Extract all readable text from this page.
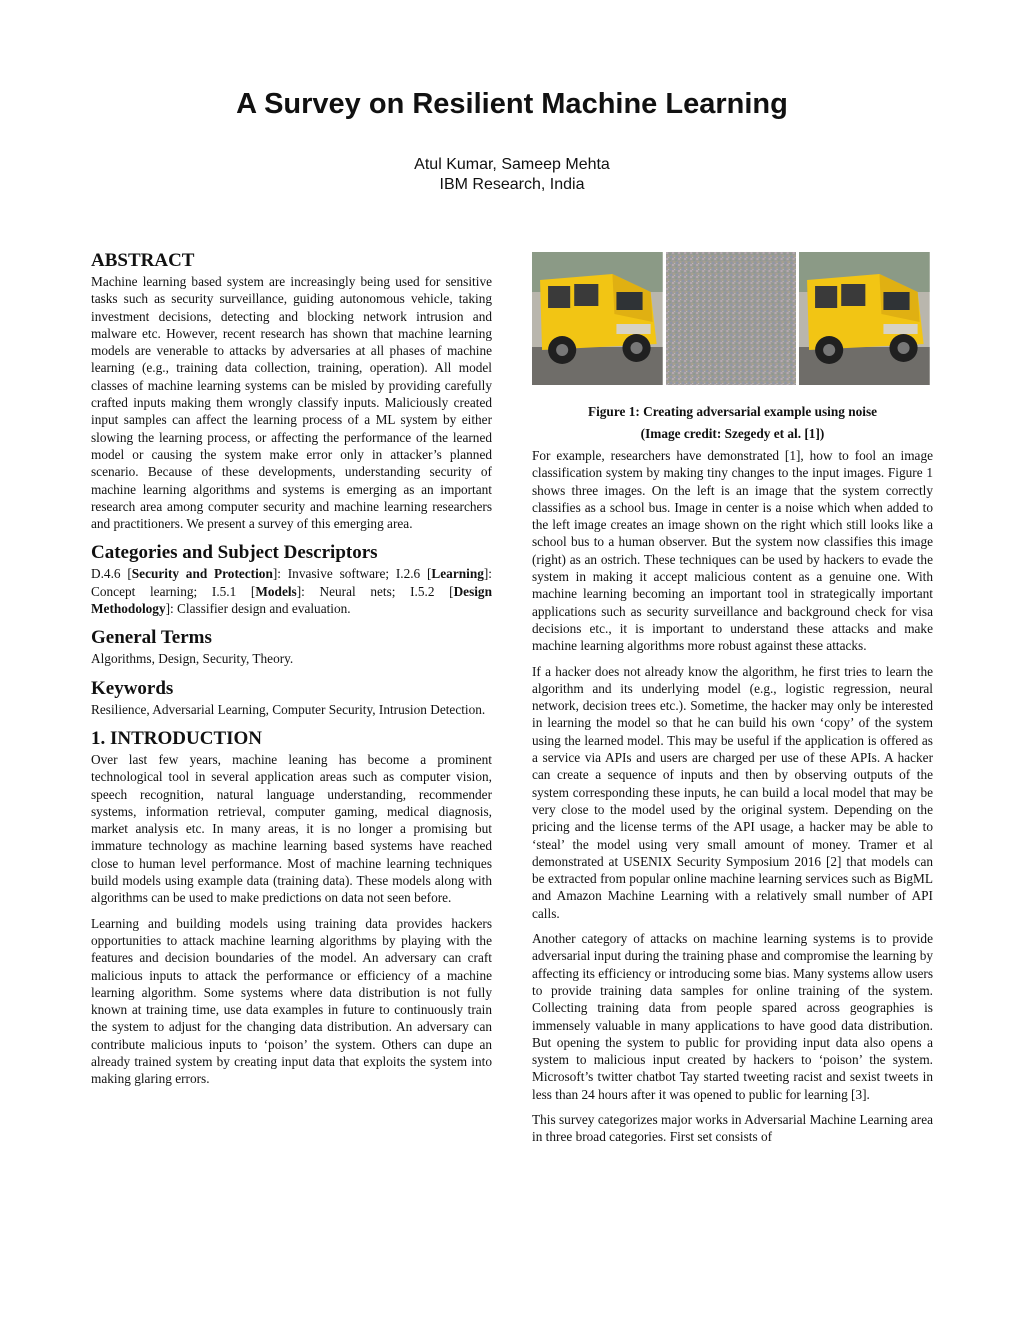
A Survey on Resilient Machine Learning
Atul Kumar, Sameep Mehta
IBM Research, India
ABSTRACT

Machine learning based system are increasingly being used for sensitive tasks such as security surveillance, guiding autonomous vehicle, taking investment decisions, detecting and blocking network intrusion and malware etc. However, recent research has shown that machine learning models are venerable to attacks by adversaries at all phases of machine learning (e.g., training data collection, training, operation). All model classes of machine learning systems can be misled by providing carefully crafted inputs making them wrongly classify inputs. Maliciously created input samples can affect the learning process of a ML system by either slowing the learning process, or affecting the performance of the learned model or causing the system make error only in attacker’s planned scenario. Because of these developments, understanding security of machine learning algorithms and systems is emerging as an important research area among computer security and machine learning researchers and practitioners. We present a survey of this emerging area.

Categories and Subject Descriptors

D.4.6 [Security and Protection]: Invasive software; I.2.6 [Learning]: Concept learning; I.5.1 [Models]: Neural nets; I.5.2 [Design Methodology]: Classifier design and evaluation.

General Terms

Algorithms, Design, Security, Theory.

Keywords

Resilience, Adversarial Learning, Computer Security, Intrusion Detection.

1. INTRODUCTION

Over last few years, machine leaning has become a prominent technological tool in several application areas such as computer vision, speech recognition, natural language understanding, recommender systems, information retrieval, computer gaming, medical diagnosis, market analysis etc. In many areas, it is no longer a promising but immature technology as machine learning based systems have reached close to human level performance. Most of machine learning techniques build models using example data (training data). These models along with algorithms can be used to make predictions on data not seen before.

Learning and building models using training data provides hackers opportunities to attack machine learning algorithms by playing with the features and decision boundaries of the model. An adversary can craft malicious inputs to attack the performance or efficiency of a machine learning algorithm. Some systems where data distribution is not fully known at training time, use data examples in future to continuously train the system to adjust for the changing data distribution. An adversary can contribute malicious inputs to ‘poison’ the system. Others can dupe an already trained system by creating input data that exploits the system into making glaring errors.

Figure 1: Creating adversarial example using noise
(Image credit: Szegedy et al. [1])

For example, researchers have demonstrated [1], how to fool an image classification system by making tiny changes to the input images. Figure 1 shows three images. On the left is an image that the system correctly classifies as a school bus. Image in center is a noise which when added to the left image creates an image shown on the right which still looks like a school bus to a human observer. But the system now classifies this image (right) as an ostrich. These techniques can be used by hackers to evade the system in making it accept malicious content as a genuine one. With machine learning becoming an important tool in strategically important applications such as security surveillance and background check for visa decisions etc., it is important to understand these attacks and make machine learning algorithms more robust against these attacks.

If a hacker does not already know the algorithm, he first tries to learn the algorithm and its underlying model (e.g., logistic regression, neural network, decision trees etc.). Sometime, the hacker may only be interested in learning the model so that he can build his own ‘copy’ of the system using the learned model. This may be useful if the application is offered as a service via APIs and users are charged per use of these APIs. A hacker can create a sequence of inputs and then by observing outputs of the system corresponding these inputs, he can build a local model that may be very close to the model used by the original system. Depending on the pricing and the license terms of the API usage, a hacker may be able to ‘steal’ the model using very small amount of money. Tramer et al demonstrated at USENIX Security Symposium 2016 [2] that models can be extracted from popular online machine learning services such as BigML and Amazon Machine Learning with a relatively small number of API calls.

Another category of attacks on machine learning systems is to provide adversarial input during the training phase and compromise the learning by affecting its efficiency or introducing some bias. Many systems allow users to provide training data samples for online training of the system. Collecting training data from people spared across geographies is immensely valuable in many applications to have good data distribution. But opening the system to public for providing input data also opens a system to malicious input created by hackers to ‘poison’ the system. Microsoft’s twitter chatbot Tay started tweeting racist and sexist tweets in less than 24 hours after it was opened to public for learning [3].

This survey categorizes major works in Adversarial Machine Learning area in three broad categories. First set consists of
